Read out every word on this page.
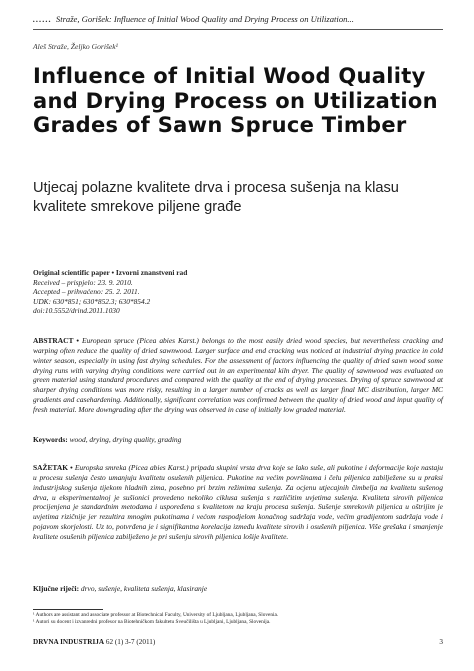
...... Straže, Gorišek: Influence of Initial Wood Quality and Drying Process on Utilization...
Aleš Straže, Željko Gorišek¹
Influence of Initial Wood Quality and Drying Process on Utilization Grades of Sawn Spruce Timber
Utjecaj polazne kvalitete drva i procesa sušenja na klasu kvalitete smrekove piljene građe
Original scientific paper • Izvorni znanstveni rad
Received – prispjelo: 23. 9. 2010.
Accepted – prihvaćeno: 25. 2. 2011.
UDK: 630*851; 630*852.3; 630*854.2
doi:10.5552/drind.2011.1030
ABSTRACT • European spruce (Picea abies Karst.) belongs to the most easily dried wood species, but nevertheless cracking and warping often reduce the quality of dried sawnwood. Larger surface and end cracking was noticed at industrial drying practice in cold winter season, especially in using fast drying schedules. For the assessment of factors influencing the quality of dried sawn wood some drying runs with varying drying conditions were carried out in an experimental kiln dryer. The quality of sawnwood was evaluated on green material using standard procedures and compared with the quality at the end of drying processes. Drying of spruce sawnwood at sharper drying conditions was more risky, resulting in a larger number of cracks as well as larger final MC distribution, larger MC gradients and casehardening. Additionally, significant correlation was confirmed between the quality of dried wood and input quality of fresh material. More downgrading after the drying was observed in case of initially low graded material.
Keywords: wood, drying, drying quality, grading
SAŽETAK • Europska smreka (Picea abies Karst.) pripada skupini vrsta drva koje se lako suše, ali pukotine i deformacije koje nastaju u procesu sušenja često umanjuju kvalitetu osušenih piljenica. Pukotine na većim površinama i čelu piljenica zabilježene su u praksi industrijskog sušenja tijekom hladnih zima, posebno pri brzim režimima sušenja. Za ocjenu utjecajnih čimbelja na kvalitetu sušenog drva, u eksperimentalnoj je sušionici provedeno nekoliko ciklusa sušenja s različitim uvjetima sušenja. Kvaliteta sirovih piljenica procijenjena je standardnim metodama i uspoređena s kvalitetom na kraju procesa sušenja. Sušenje smrekovih piljenica u oštrijim je uvjetima rizičnije jer rezultira mnogim pukotinama i većom raspodjelom konačnog sadržaja vode, većim gradijentom sadržaja vode i pojavom skorjelosti. Uz to, potvrđena je i signifikantna korelacija između kvalitete sirovih i osušenih piljenica. Više grešaka i smanjenje kvalitete osušenih piljenica zabilježeno je pri sušenju sirovih piljenica lošije kvalitete.
Ključne riječi: drvo, sušenje, kvaliteta sušenja, klasiranje
¹ Authors are assistant and associate professor at Biotechnical Faculty, University of Ljubljana, Ljubljana, Slovenia.
¹ Autori su docent i izvanredni profesor na Biotehničkom fakultetu Sveučilišta u Ljubljani, Ljubljana, Slovenija.
DRVNA INDUSTRIJA 62 (1) 3-7 (2011)	3
